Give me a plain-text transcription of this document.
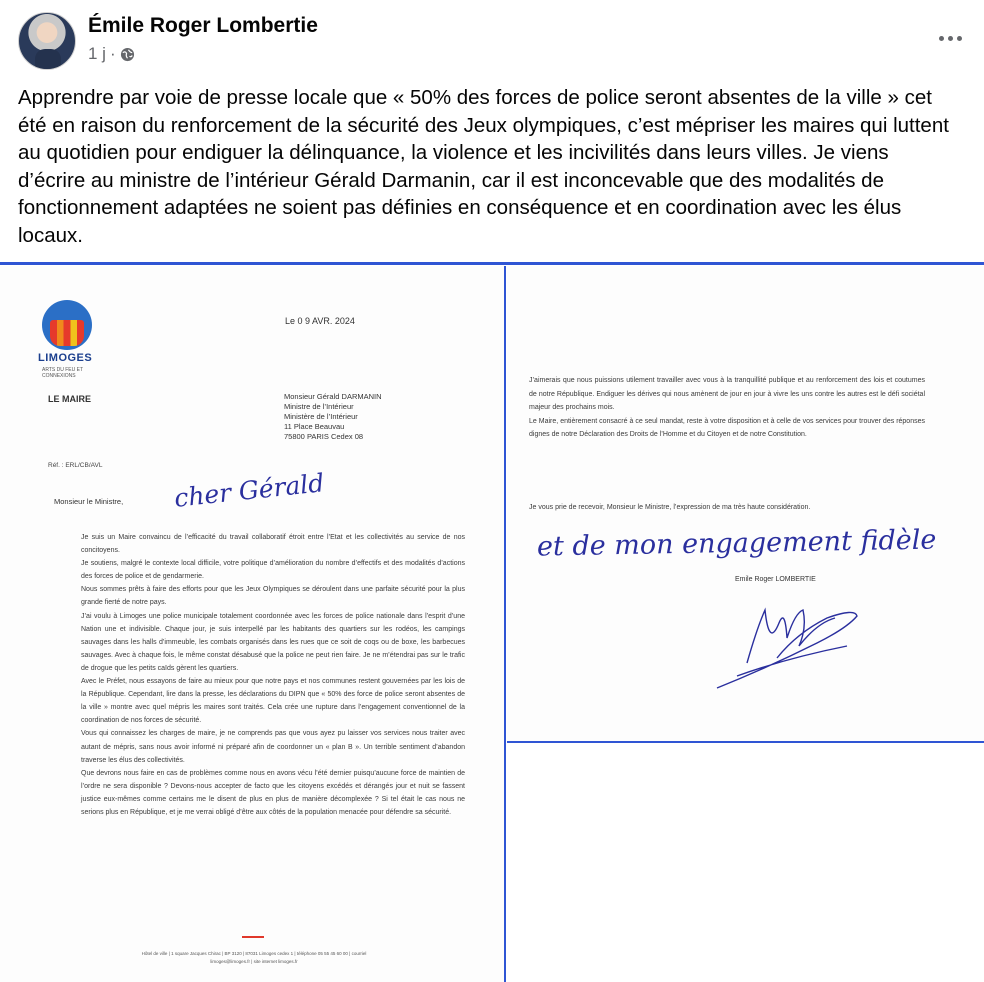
Émile Roger Lombertie
1 j ·
Apprendre par voie de presse locale que « 50% des forces de police seront absentes de la ville » cet été en raison du renforcement de la sécurité des Jeux olympiques, c’est mépriser les maires qui luttent au quotidien pour endiguer la délinquance, la violence et les incivilités dans leurs villes. Je viens d’écrire au ministre de l’intérieur Gérald Darmanin, car il est inconcevable que des modalités de fonctionnement adaptées ne soient pas définies en conséquence et en coordination avec les élus locaux.
LIMOGES
ARTS DU FEU ET CONNEXIONS
LE MAIRE
Le 0 9 AVR. 2024
Monsieur Gérald DARMANIN
Ministre de l’Intérieur
Ministère de l’Intérieur
11 Place Beauvau
75800 PARIS Cedex 08
Réf. : ERL/CB/AVL
Monsieur le Ministre, cher Gérald

Je suis un Maire convaincu de l’efficacité du travail collaboratif étroit entre l’Etat et les collectivités au service de nos concitoyens.

Je soutiens, malgré le contexte local difficile, votre politique d’amélioration du nombre d’effectifs et des modalités d’actions des forces de police et de gendarmerie.

Nous sommes prêts à faire des efforts pour que les Jeux Olympiques se déroulent dans une parfaite sécurité pour la plus grande fierté de notre pays.

J’ai voulu à Limoges une police municipale totalement coordonnée avec les forces de police nationale dans l’esprit d’une Nation une et indivisible. Chaque jour, je suis interpellé par les habitants des quartiers sur les rodéos, les campings sauvages dans les halls d’immeuble, les combats organisés dans les rues que ce soit de coqs ou de boxe, les barbecues sauvages. Avec à chaque fois, le même constat désabusé que la police ne peut rien faire. Je ne m’étendrai pas sur le trafic de drogue que les petits caïds gèrent les quartiers.

Avec le Préfet, nous essayons de faire au mieux pour que notre pays et nos communes restent gouvernées par les lois de la République. Cependant, lire dans la presse, les déclarations du DIPN que « 50% des force de police seront absentes de la ville » montre avec quel mépris les maires sont traités. Cela crée une rupture dans l’engagement conventionnel de la coordination de nos forces de sécurité.

Vous qui connaissez les charges de maire, je ne comprends pas que vous ayez pu laisser vos services nous traiter avec autant de mépris, sans nous avoir informé ni préparé afin de coordonner un « plan B ». Un terrible sentiment d’abandon traverse les élus des collectivités.

Que devrons nous faire en cas de problèmes comme nous en avons vécu l’été dernier puisqu’aucune force de maintien de l’ordre ne sera disponible ? Devons-nous accepter de facto que les citoyens excédés et dérangés jour et nuit se fassent justice eux-mêmes comme certains me le disent de plus en plus de manière décomplexée ? Si tel était le cas nous ne serions plus en République, et je me verrai obligé d’être aux côtés de la population menacée pour défendre sa sécurité.

Hôtel de ville | 1 square Jacques Chirac | BP 3120 | 87031 Limoges cedex 1 | téléphone 05 55 45 60 00 | courriel limoges@limoges.fr | site internet limoges.fr

J’aimerais que nous puissions utilement travailler avec vous à la tranquillité publique et au renforcement des lois et coutumes de notre République. Endiguer les dérives qui nous amènent de jour en jour à vivre les uns contre les autres est le défi sociétal majeur des prochains mois.

Le Maire, entièrement consacré à ce seul mandat, reste à votre disposition et à celle de vos services pour trouver des réponses dignes de notre Déclaration des Droits de l’Homme et du Citoyen et de notre Constitution.

Je vous prie de recevoir, Monsieur le Ministre, l’expression de ma très haute considération.
et de mon engagement fidèle
Emile Roger LOMBERTIE
